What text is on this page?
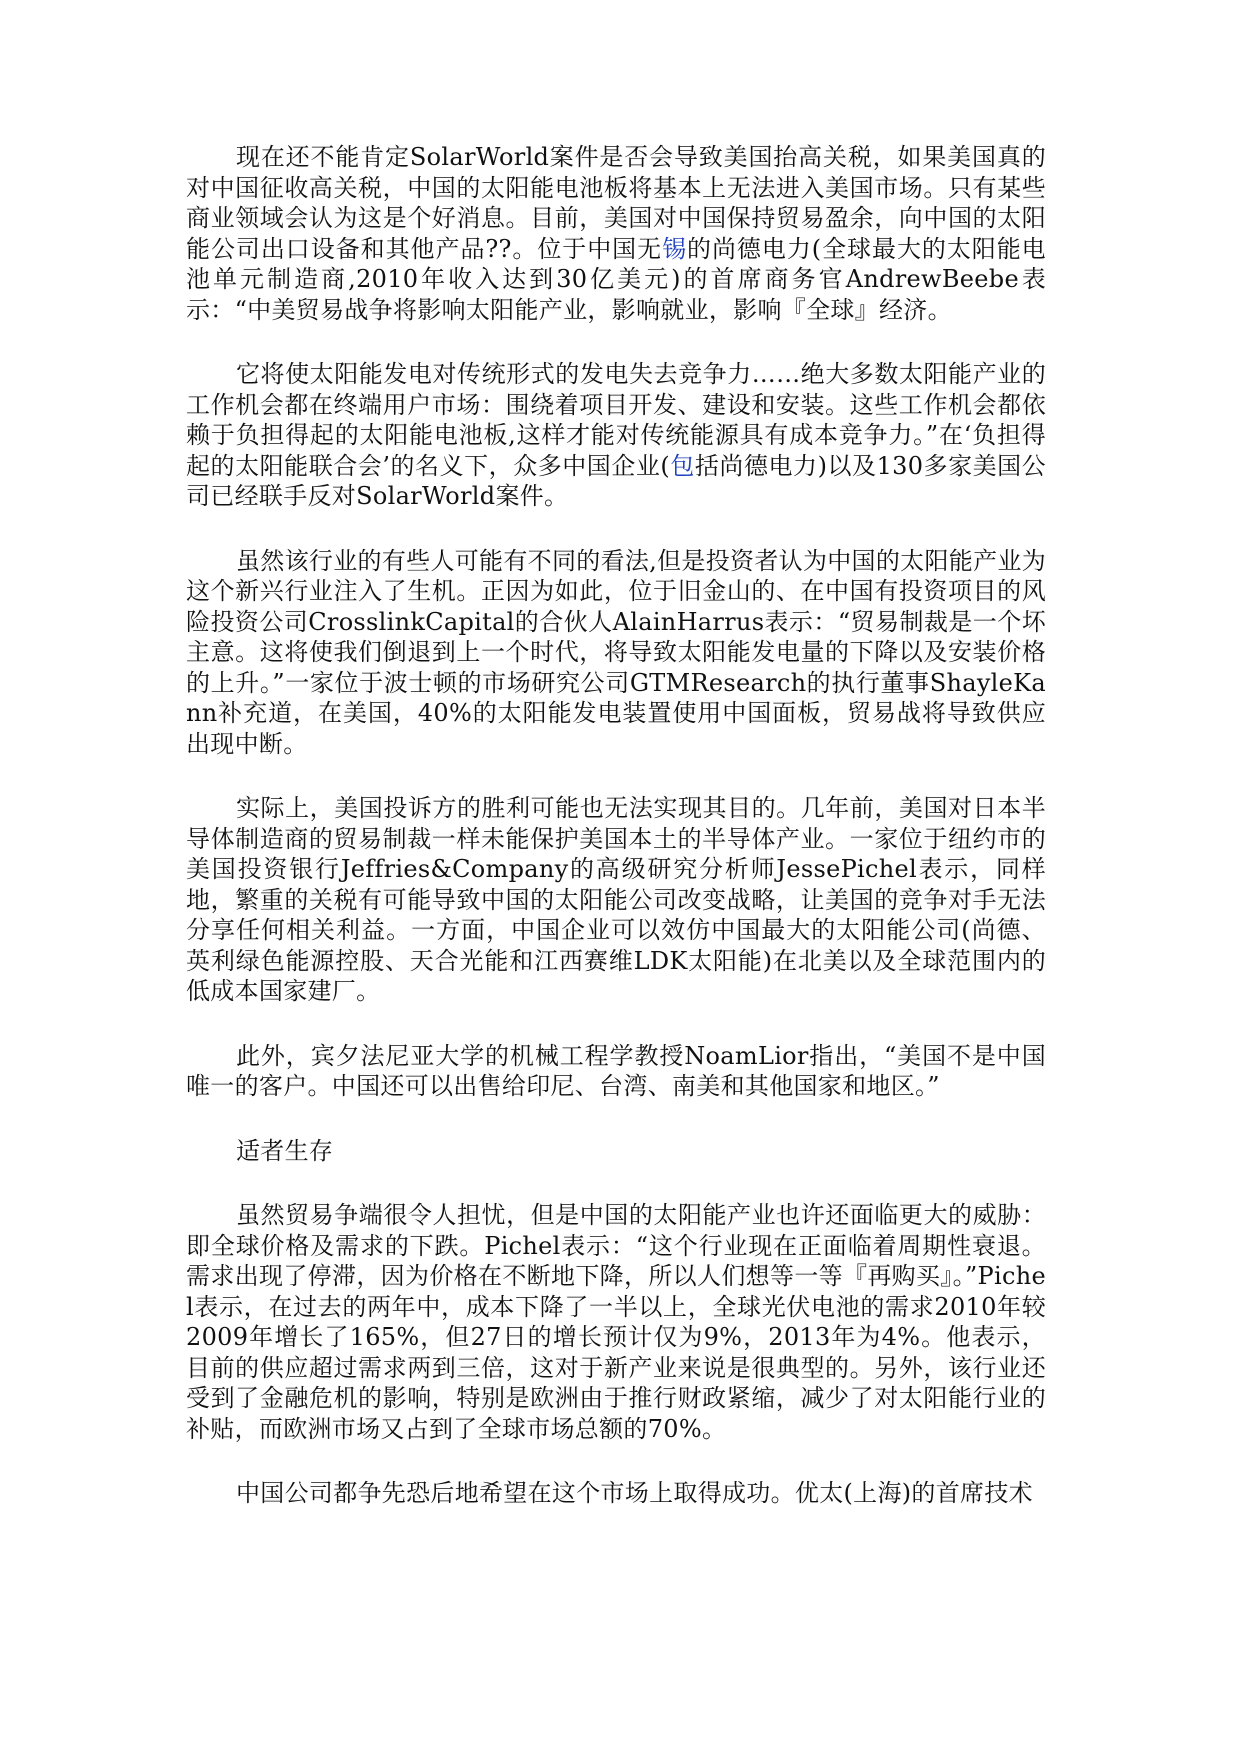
现在还不能肯定SolarWorld案件是否会导致美国抬高关税，如果美国真的对中国征收高关税，中国的太阳能电池板将基本上无法进入美国市场。只有某些商业领域会认为这是个好消息。目前，美国对中国保持贸易盈余，向中国的太阳能公司出口设备和其他产品??。位于中国无锡的尚德电力(全球最大的太阳能电池单元制造商,2010年收入达到30亿美元)的首席商务官AndrewBeebe表示：“中美贸易战争将影响太阳能产业，影响就业，影响『全球』经济。

它将使太阳能发电对传统形式的发电失去竞争力……绝大多数太阳能产业的工作机会都在终端用户市场：围绕着项目开发、建设和安装。这些工作机会都依赖于负担得起的太阳能电池板,这样才能对传统能源具有成本竞争力。”在‘负担得起的太阳能联合会’的名义下，众多中国企业(包括尚德电力)以及130多家美国公司已经联手反对SolarWorld案件。

虽然该行业的有些人可能有不同的看法,但是投资者认为中国的太阳能产业为这个新兴行业注入了生机。正因为如此，位于旧金山的、在中国有投资项目的风险投资公司CrosslinkCapital的合伙人AlainHarrus表示：“贸易制裁是一个坏主意。这将使我们倒退到上一个时代，将导致太阳能发电量的下降以及安装价格的上升。”一家位于波士顿的市场研究公司GTMResearch的执行董事ShayleKann补充道，在美国，40%的太阳能发电装置使用中国面板，贸易战将导致供应出现中断。

实际上，美国投诉方的胜利可能也无法实现其目的。几年前，美国对日本半导体制造商的贸易制裁一样未能保护美国本土的半导体产业。一家位于纽约市的美国投资银行Jeffries&Company的高级研究分析师JessePichel表示，同样地，繁重的关税有可能导致中国的太阳能公司改变战略，让美国的竞争对手无法分享任何相关利益。一方面，中国企业可以效仿中国最大的太阳能公司(尚德、英利绿色能源控股、天合光能和江西赛维LDK太阳能)在北美以及全球范围内的低成本国家建厂。

此外，宾夕法尼亚大学的机械工程学教授NoamLior指出，“美国不是中国唯一的客户。中国还可以出售给印尼、台湾、南美和其他国家和地区。”

适者生存

虽然贸易争端很令人担忧，但是中国的太阳能产业也许还面临更大的威胁：即全球价格及需求的下跌。Pichel表示：“这个行业现在正面临着周期性衰退。需求出现了停滞，因为价格在不断地下降，所以人们想等一等『再购买』。”Pichel表示，在过去的两年中，成本下降了一半以上，全球光伏电池的需求2010年较2009年增长了165%，但27日的增长预计仅为9%，2013年为4%。他表示，目前的供应超过需求两到三倍，这对于新产业来说是很典型的。另外，该行业还受到了金融危机的影响，特别是欧洲由于推行财政紧缩，减少了对太阳能行业的补贴，而欧洲市场又占到了全球市场总额的70%。

中国公司都争先恐后地希望在这个市场上取得成功。优太(上海)的首席技术
